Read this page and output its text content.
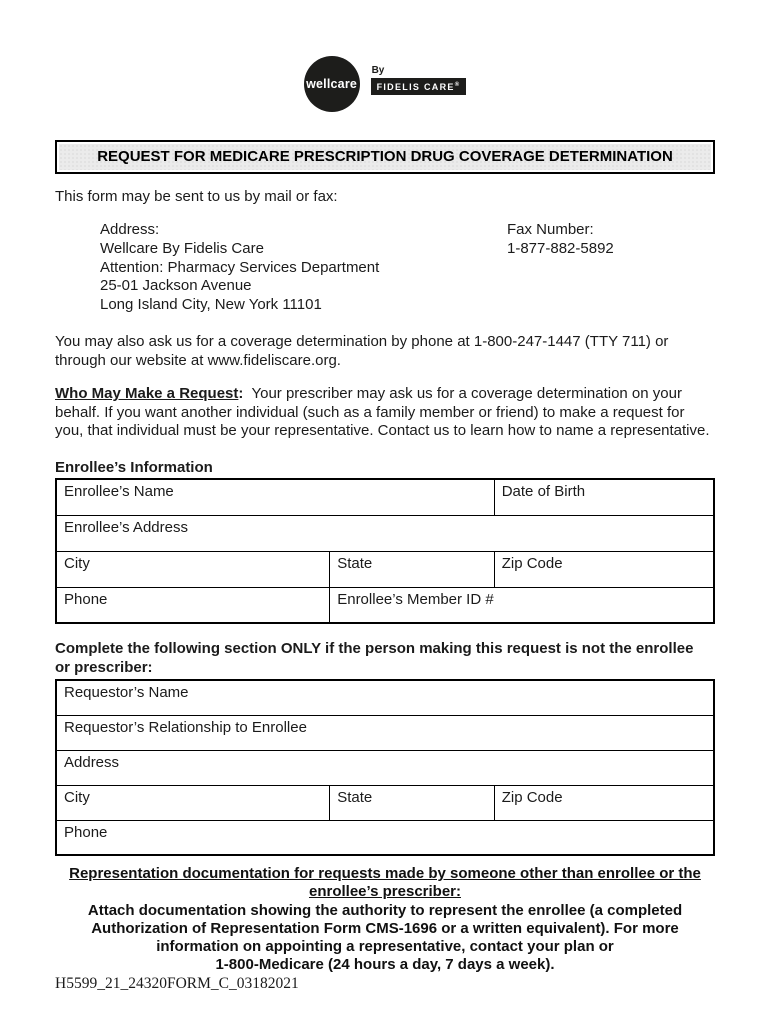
wellcare
By
FIDELIS CARE®
REQUEST FOR MEDICARE PRESCRIPTION DRUG COVERAGE DETERMINATION

This form may be sent to us by mail or fax:

Address:
Wellcare By Fidelis Care
Attention: Pharmacy Services Department
25-01 Jackson Avenue
Long Island City, New York 11101
Fax Number:
1-877-882-5892

You may also ask us for a coverage determination by phone at 1-800-247-1447 (TTY 711) or through our website at www.fideliscare.org.

Who May Make a Request: Your prescriber may ask us for a coverage determination on your behalf. If you want another individual (such as a family member or friend) to make a request for you, that individual must be your representative. Contact us to learn how to name a representative.

Enrollee’s Information
Enrollee’s Name		Date of Birth
Enrollee’s Address		
City	State	Zip Code
Phone	Enrollee’s Member ID #	
Complete the following section ONLY if the person making this request is not the enrollee
or prescriber:
Requestor’s Name
Requestor’s Relationship to Enrollee
Address
City	State	Zip Code
Phone
Representation documentation for requests made by someone other than enrollee or the
enrollee’s prescriber:
Attach documentation showing the authority to represent the enrollee (a completed
Authorization of Representation Form CMS-1696 or a written equivalent). For more
information on appointing a representative, contact your plan or
1-800-Medicare (24 hours a day, 7 days a week).
H5599_21_24320FORM_C_03182021
